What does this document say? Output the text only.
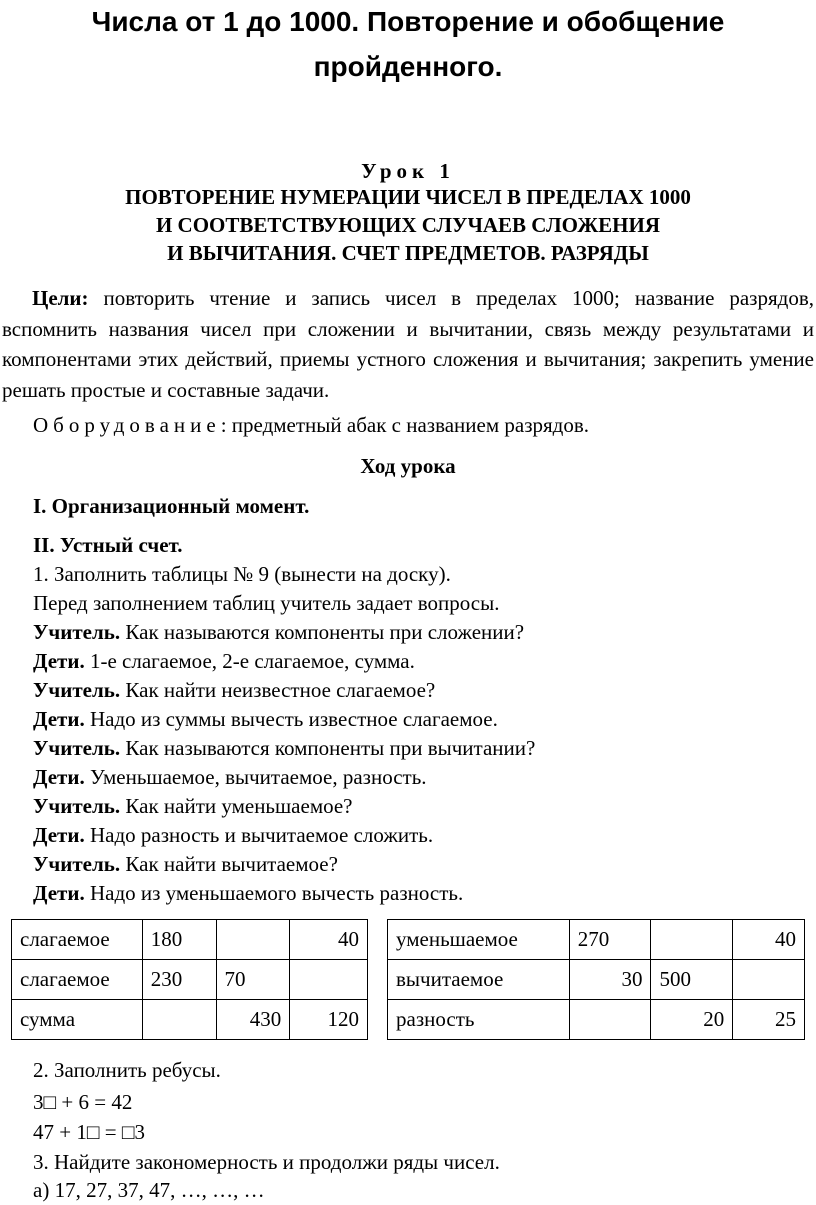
Числа от 1 до 1000. Повторение и обобщение
пройденного.
Урок 1
ПОВТОРЕНИЕ НУМЕРАЦИИ ЧИСЕЛ В ПРЕДЕЛАХ 1000
И СООТВЕТСТВУЮЩИХ СЛУЧАЕВ СЛОЖЕНИЯ
И ВЫЧИТАНИЯ. СЧЕТ ПРЕДМЕТОВ. РАЗРЯДЫ
Цели: повторить чтение и запись чисел в пределах 1000; название разрядов, вспомнить названия чисел при сложении и вычитании, связь между результатами и компонентами этих действий, приемы устного сложения и вычитания; закрепить умение решать простые и составные задачи.
Оборудование: предметный абак с названием разрядов.
Ход урока
I. Организационный момент.
II. Устный счет.
1. Заполнить таблицы № 9 (вынести на доску).
Перед заполнением таблиц учитель задает вопросы.
Учитель. Как называются компоненты при сложении?
Дети. 1-е слагаемое, 2-е слагаемое, сумма.
Учитель. Как найти неизвестное слагаемое?
Дети. Надо из суммы вычесть известное слагаемое.
Учитель. Как называются компоненты при вычитании?
Дети. Уменьшаемое, вычитаемое, разность.
Учитель. Как найти уменьшаемое?
Дети. Надо разность и вычитаемое сложить.
Учитель. Как найти вычитаемое?
Дети. Надо из уменьшаемого вычесть разность.
слагаемое	180		40
слагаемое	230	70	
сумма		430	120
уменьшаемое	270		40
вычитаемое	30	500	
разность		20	25
2. Заполнить ребусы.
3□ + 6 = 42
47 + 1□ = □3
3. Найдите закономерность и продолжи ряды чисел.
а) 17, 27, 37, 47, …, …, …
